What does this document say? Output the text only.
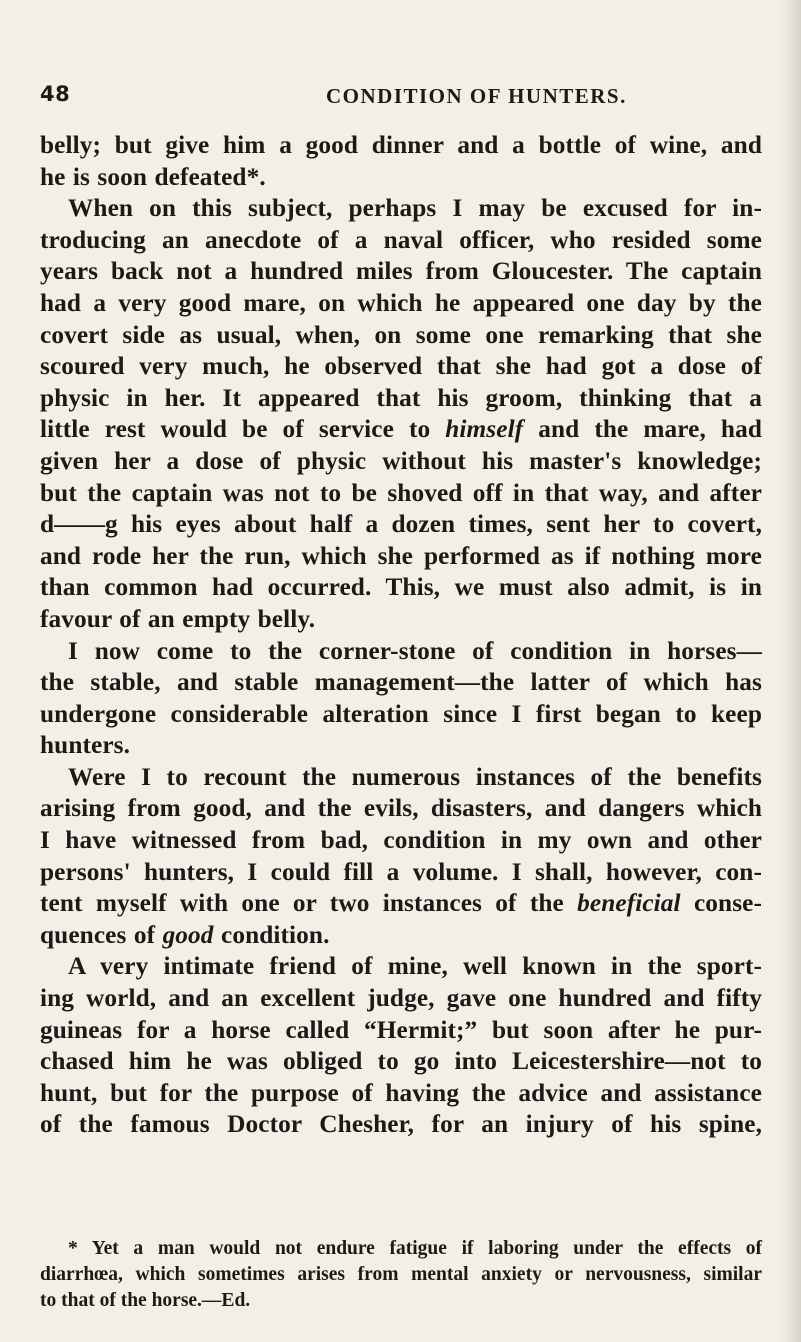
48	CONDITION OF HUNTERS.
belly; but give him a good dinner and a bottle of wine, and
he is soon defeated*.
When on this subject, perhaps I may be excused for in-
troducing an anecdote of a naval officer, who resided some
years back not a hundred miles from Gloucester. The captain
had a very good mare, on which he appeared one day by the
covert side as usual, when, on some one remarking that she
scoured very much, he observed that she had got a dose of
physic in her. It appeared that his groom, thinking that a
little rest would be of service to himself and the mare, had
given her a dose of physic without his master's knowledge;
but the captain was not to be shoved off in that way, and after
d——g his eyes about half a dozen times, sent her to covert,
and rode her the run, which she performed as if nothing more
than common had occurred. This, we must also admit, is in
favour of an empty belly.
I now come to the corner-stone of condition in horses—
the stable, and stable management—the latter of which has
undergone considerable alteration since I first began to keep
hunters.
Were I to recount the numerous instances of the benefits
arising from good, and the evils, disasters, and dangers which
I have witnessed from bad, condition in my own and other
persons' hunters, I could fill a volume. I shall, however, con-
tent myself with one or two instances of the beneficial conse-
quences of good condition.
A very intimate friend of mine, well known in the sport-
ing world, and an excellent judge, gave one hundred and fifty
guineas for a horse called “Hermit;” but soon after he pur-
chased him he was obliged to go into Leicestershire—not to
hunt, but for the purpose of having the advice and assistance
of the famous Doctor Chesher, for an injury of his spine,
* Yet a man would not endure fatigue if laboring under the effects of
diarrhœa, which sometimes arises from mental anxiety or nervousness, similar
to that of the horse.—Ed.
